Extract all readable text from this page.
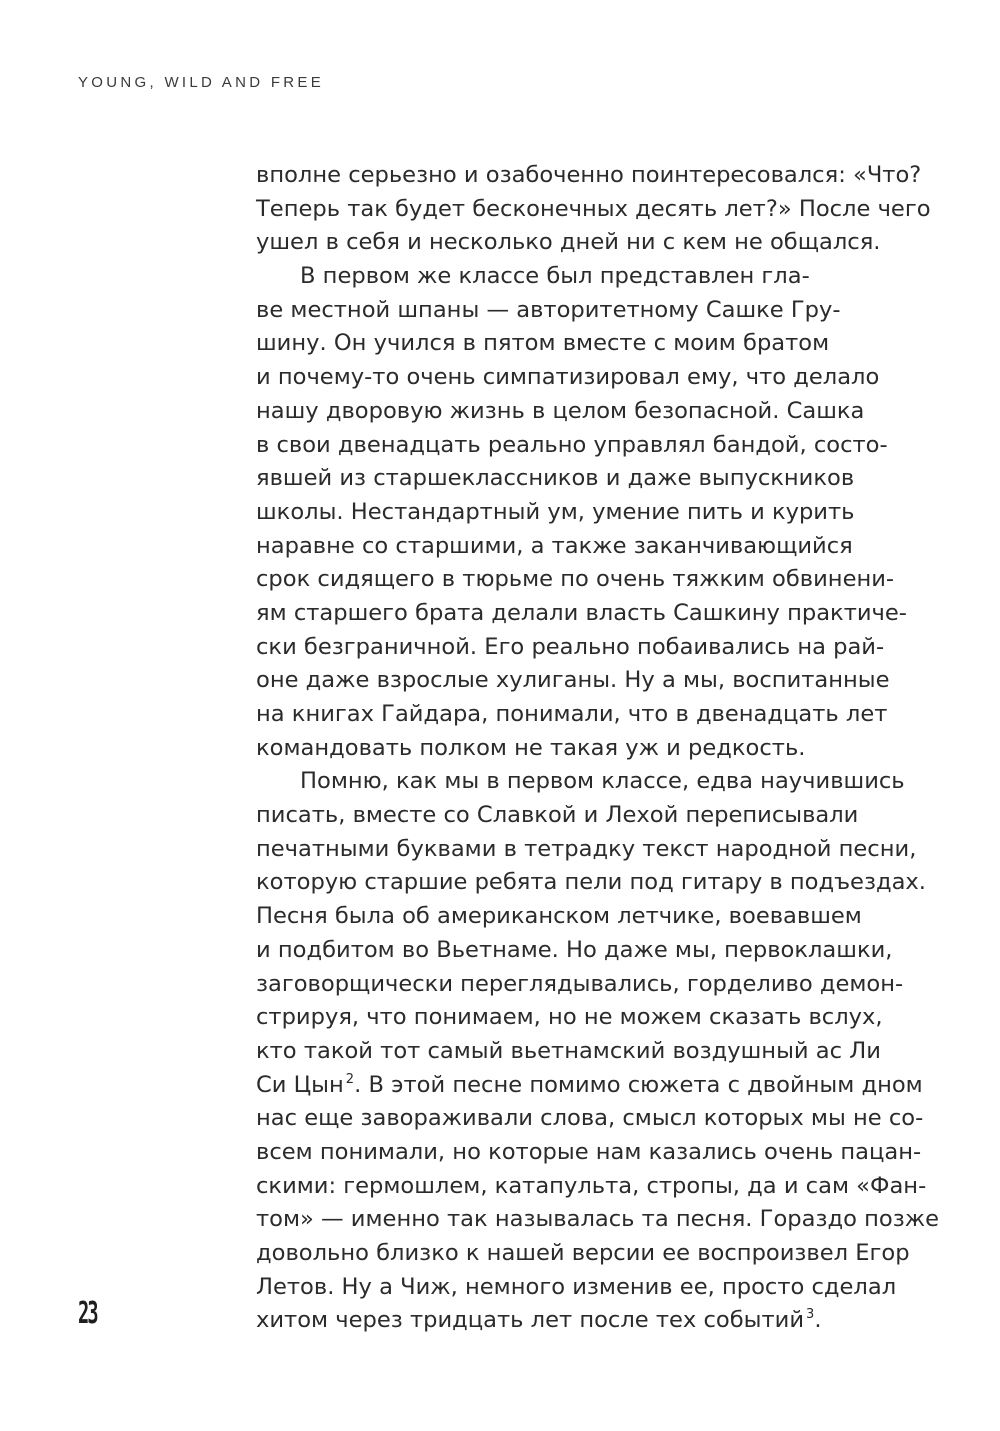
YOUNG, WILD AND FREE
вполне серьезно и озабоченно поинтересовался: «Что?
Теперь так будет бесконечных десять лет?» После чего
ушел в себя и несколько дней ни с кем не общался.
В первом же классе был представлен гла-
ве местной шпаны — авторитетному Сашке Гру-
шину. Он учился в пятом вместе с моим братом
и почему-то очень симпатизировал ему, что делало
нашу дворовую жизнь в целом безопасной. Сашка
в свои двенадцать реально управлял бандой, состо-
явшей из старшеклассников и даже выпускников
школы. Нестандартный ум, умение пить и курить
наравне со старшими, а также заканчивающийся
срок сидящего в тюрьме по очень тяжким обвинени-
ям старшего брата делали власть Сашкину практиче-
ски безграничной. Его реально побаивались на рай-
оне даже взрослые хулиганы. Ну а мы, воспитанные
на книгах Гайдара, понимали, что в двенадцать лет
командовать полком не такая уж и редкость.
Помню, как мы в первом классе, едва научившись
писать, вместе со Славкой и Лехой переписывали
печатными буквами в тетрадку текст народной песни,
которую старшие ребята пели под гитару в подъездах.
Песня была об американском летчике, воевавшем
и подбитом во Вьетнаме. Но даже мы, первоклашки,
заговорщически переглядывались, горделиво демон-
стрируя, что понимаем, но не можем сказать вслух,
кто такой тот самый вьетнамский воздушный ас Ли
Си Цын $^2$. В этой песне помимо сюжета с двойным дном
нас еще завораживали слова, смысл которых мы не со-
всем понимали, но которые нам казались очень пацан-
скими: гермошлем, катапульта, стропы, да и сам «Фан-
том» — именно так называлась та песня. Гораздо позже
довольно близко к нашей версии ее воспроизвел Егор
Летов. Ну а Чиж, немного изменив ее, просто сделал
хитом через тридцать лет после тех событий $^3$.
23
